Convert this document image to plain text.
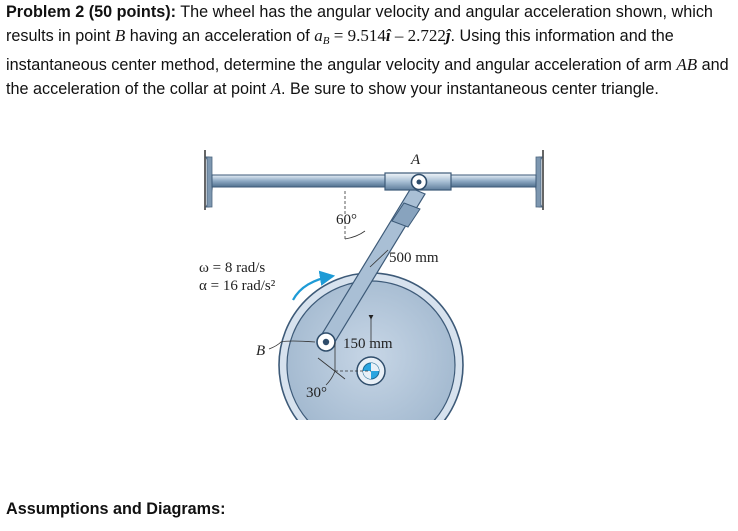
Problem 2 (50 points): The wheel has the angular velocity and angular acceleration shown, which results in point B having an acceleration of $a_B$ = 9.514î – 2.722ĵ. Using this information and the instantaneous center method, determine the angular velocity and angular acceleration of arm AB and the acceleration of the collar at point A. Be sure to show your instantaneous center triangle.
A
60°
500 mm
ω = 8 rad/s
α = 16 rad/s²
B	150 mm
30°
Assumptions and Diagrams:
